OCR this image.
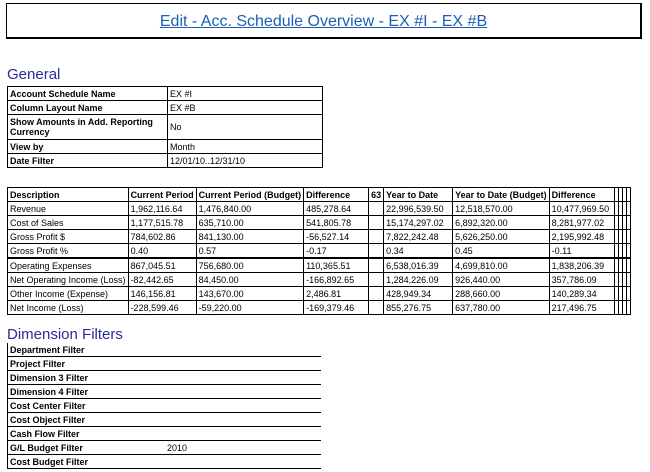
Edit - Acc. Schedule Overview - EX #I - EX #B
General
Account Schedule Name	EX #I
Column Layout Name	EX #B
Show Amounts in Add. Reporting Currency	No
View by	Month
Date Filter	12/01/10..12/31/10
Description	Current Period	Current Period (Budget)	Difference	63	Year to Date	Year to Date (Budget)	Difference				
Revenue	1,962,116.64	1,476,840.00	485,278.64		22,996,539.50	12,518,570.00	10,477,969.50				
Cost of Sales	1,177,515.78	635,710.00	541,805.78		15,174,297.02	6,892,320.00	8,281,977.02				
Gross Profit $	784,602.86	841,130.00	-56,527.14		7,822,242.48	5,626,250.00	2,195,992.48				
Gross Profit %	0.40	0.57	-0.17		0.34	0.45	-0.11				
Operating Expenses	867,045.51	756,680.00	110,365.51		6,538,016.39	4,699,810.00	1,838,206.39				
Net Operating Income (Loss)	-82,442.65	84,450.00	-166,892.65		1,284,226.09	926,440.00	357,786.09				
Other Income (Expense)	146,156.81	143,670.00	2,486.81		428,949.34	288,660.00	140,289.34				
Net Income (Loss)	-228,599.46	-59,220.00	-169,379.46		855,276.75	637,780.00	217,496.75				
Dimension Filters
Department Filter	
Project Filter	
Dimension 3 Filter	
Dimension 4 Filter	
Cost Center Filter	
Cost Object Filter	
Cash Flow Filter	
G/L Budget Filter	2010
Cost Budget Filter	
